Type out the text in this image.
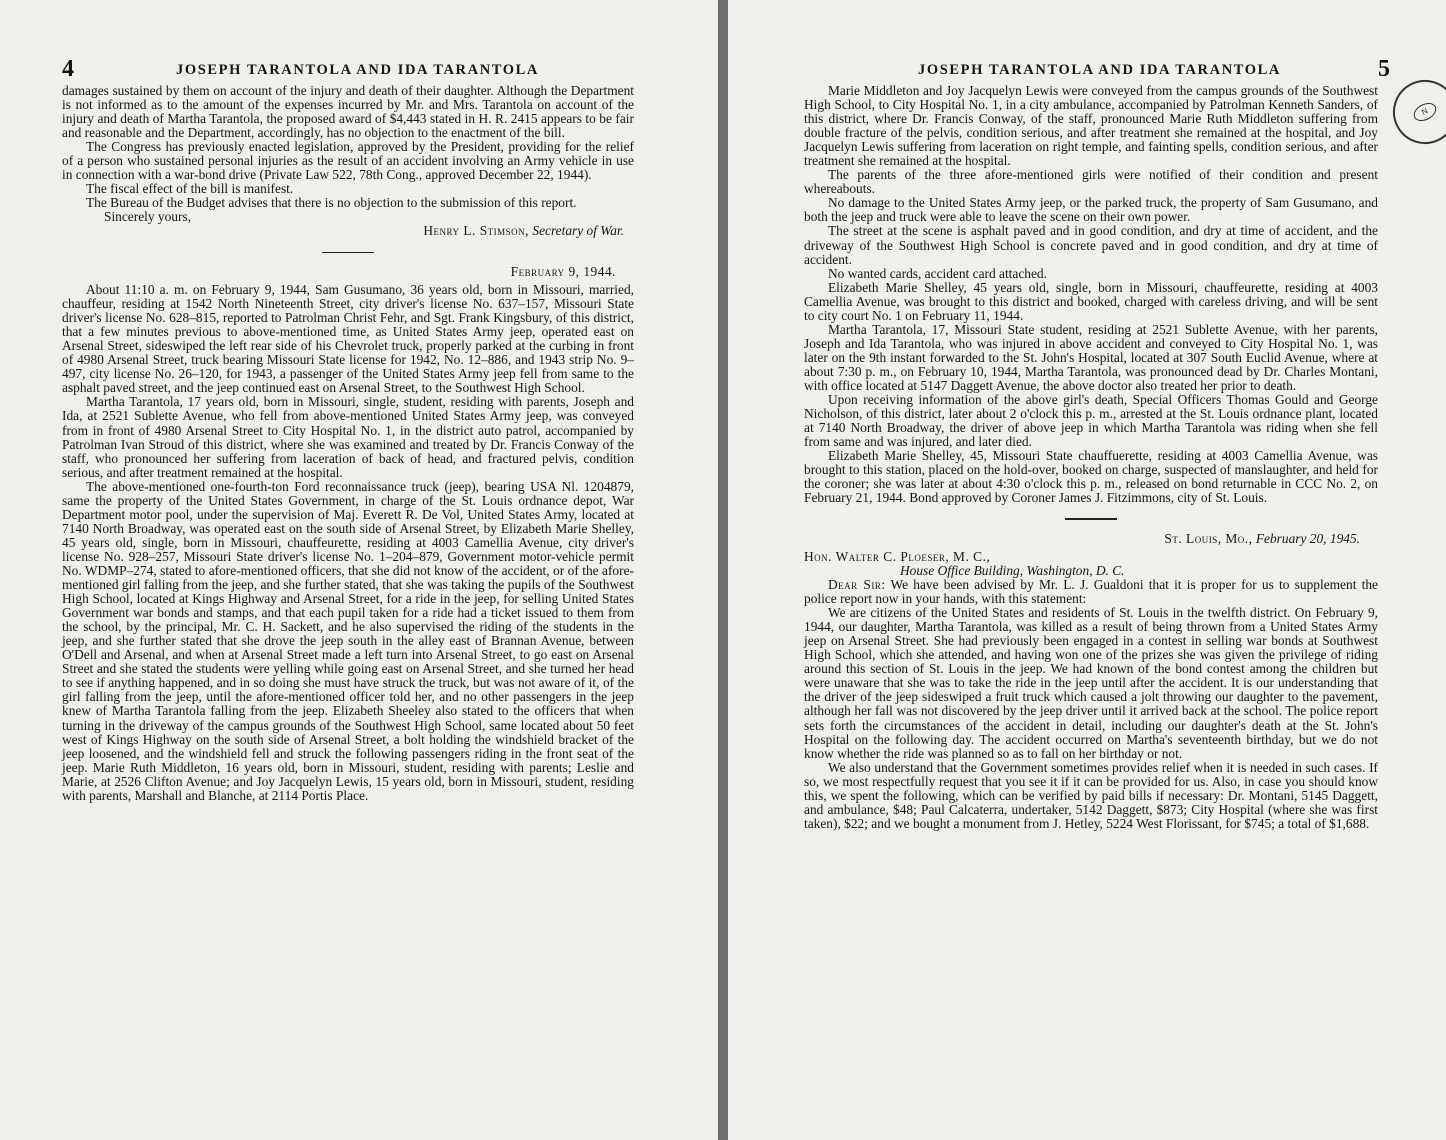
4	JOSEPH TARANTOLA AND IDA TARANTOLA

damages sustained by them on account of the injury and death of their daughter. Although the Department is not informed as to the amount of the expenses incurred by Mr. and Mrs. Tarantola on account of the injury and death of Martha Tarantola, the proposed award of $4,443 stated in H. R. 2415 appears to be fair and reasonable and the Department, accordingly, has no objection to the enactment of the bill.

The Congress has previously enacted legislation, approved by the President, providing for the relief of a person who sustained personal injuries as the result of an accident involving an Army vehicle in use in connection with a war-bond drive (Private Law 522, 78th Cong., approved December 22, 1944).

The fiscal effect of the bill is manifest.

The Bureau of the Budget advises that there is no objection to the submission of this report.

Sincerely yours,

Henry L. Stimson, Secretary of War.

February 9, 1944.

About 11:10 a. m. on February 9, 1944, Sam Gusumano, 36 years old, born in Missouri, married, chauffeur, residing at 1542 North Nineteenth Street, city driver's license No. 637–157, Missouri State driver's license No. 628–815, reported to Patrolman Christ Fehr, and Sgt. Frank Kingsbury, of this district, that a few minutes previous to above-mentioned time, as United States Army jeep, operated east on Arsenal Street, sideswiped the left rear side of his Chevrolet truck, properly parked at the curbing in front of 4980 Arsenal Street, truck bearing Missouri State license for 1942, No. 12–886, and 1943 strip No. 9–497, city license No. 26–120, for 1943, a passenger of the United States Army jeep fell from same to the asphalt paved street, and the jeep continued east on Arsenal Street, to the Southwest High School.

Martha Tarantola, 17 years old, born in Missouri, single, student, residing with parents, Joseph and Ida, at 2521 Sublette Avenue, who fell from above-mentioned United States Army jeep, was conveyed from in front of 4980 Arsenal Street to City Hospital No. 1, in the district auto patrol, accompanied by Patrolman Ivan Stroud of this district, where she was examined and treated by Dr. Francis Conway of the staff, who pronounced her suffering from laceration of back of head, and fractured pelvis, condition serious, and after treatment remained at the hospital.

The above-mentioned one-fourth-ton Ford reconnaissance truck (jeep), bearing USA Nl. 1204879, same the property of the United States Government, in charge of the St. Louis ordnance depot, War Department motor pool, under the supervision of Maj. Everett R. De Vol, United States Army, located at 7140 North Broadway, was operated east on the south side of Arsenal Street, by Elizabeth Marie Shelley, 45 years old, single, born in Missouri, chauffeurette, residing at 4003 Camellia Avenue, city driver's license No. 928–257, Missouri State driver's license No. 1–204–879, Government motor-vehicle permit No. WDMP–274, stated to afore-mentioned officers, that she did not know of the accident, or of the afore-mentioned girl falling from the jeep, and she further stated, that she was taking the pupils of the Southwest High School, located at Kings Highway and Arsenal Street, for a ride in the jeep, for selling United States Government war bonds and stamps, and that each pupil taken for a ride had a ticket issued to them from the school, by the principal, Mr. C. H. Sackett, and he also supervised the riding of the students in the jeep, and she further stated that she drove the jeep south in the alley east of Brannan Avenue, between O'Dell and Arsenal, and when at Arsenal Street made a left turn into Arsenal Street, to go east on Arsenal Street and she stated the students were yelling while going east on Arsenal Street, and she turned her head to see if anything happened, and in so doing she must have struck the truck, but was not aware of it, of the girl falling from the jeep, until the afore-mentioned officer told her, and no other passengers in the jeep knew of Martha Tarantola falling from the jeep. Elizabeth Sheeley also stated to the officers that when turning in the driveway of the campus grounds of the Southwest High School, same located about 50 feet west of Kings Highway on the south side of Arsenal Street, a bolt holding the windshield bracket of the jeep loosened, and the windshield fell and struck the following passengers riding in the front seat of the jeep. Marie Ruth Middleton, 16 years old, born in Missouri, student, residing with parents; Leslie and Marie, at 2526 Clifton Avenue; and Joy Jacquelyn Lewis, 15 years old, born in Missouri, student, residing with parents, Marshall and Blanche, at 2114 Portis Place.

JOSEPH TARANTOLA AND IDA TARANTOLA	5
N

Marie Middleton and Joy Jacquelyn Lewis were conveyed from the campus grounds of the Southwest High School, to City Hospital No. 1, in a city ambulance, accompanied by Patrolman Kenneth Sanders, of this district, where Dr. Francis Conway, of the staff, pronounced Marie Ruth Middleton suffering from double fracture of the pelvis, condition serious, and after treatment she remained at the hospital, and Joy Jacquelyn Lewis suffering from laceration on right temple, and fainting spells, condition serious, and after treatment she remained at the hospital.

The parents of the three afore-mentioned girls were notified of their condition and present whereabouts.

No damage to the United States Army jeep, or the parked truck, the property of Sam Gusumano, and both the jeep and truck were able to leave the scene on their own power.

The street at the scene is asphalt paved and in good condition, and dry at time of accident, and the driveway of the Southwest High School is concrete paved and in good condition, and dry at time of accident.

No wanted cards, accident card attached.

Elizabeth Marie Shelley, 45 years old, single, born in Missouri, chauffeurette, residing at 4003 Camellia Avenue, was brought to this district and booked, charged with careless driving, and will be sent to city court No. 1 on February 11, 1944.

Martha Tarantola, 17, Missouri State student, residing at 2521 Sublette Avenue, with her parents, Joseph and Ida Tarantola, who was injured in above accident and conveyed to City Hospital No. 1, was later on the 9th instant forwarded to the St. John's Hospital, located at 307 South Euclid Avenue, where at about 7:30 p. m., on February 10, 1944, Martha Tarantola, was pronounced dead by Dr. Charles Montani, with office located at 5147 Daggett Avenue, the above doctor also treated her prior to death.

Upon receiving information of the above girl's death, Special Officers Thomas Gould and George Nicholson, of this district, later about 2 o'clock this p. m., arrested at the St. Louis ordnance plant, located at 7140 North Broadway, the driver of above jeep in which Martha Tarantola was riding when she fell from same and was injured, and later died.

Elizabeth Marie Shelley, 45, Missouri State chauffuerette, residing at 4003 Camellia Avenue, was brought to this station, placed on the hold-over, booked on charge, suspected of manslaughter, and held for the coroner; she was later at about 4:30 o'clock this p. m., released on bond returnable in CCC No. 2, on February 21, 1944. Bond approved by Coroner James J. Fitzimmons, city of St. Louis.

St. Louis, Mo., February 20, 1945.

Hon. Walter C. Ploeser, M. C.,

House Office Building, Washington, D. C.

Dear Sir: We have been advised by Mr. L. J. Gualdoni that it is proper for us to supplement the police report now in your hands, with this statement:

We are citizens of the United States and residents of St. Louis in the twelfth district. On February 9, 1944, our daughter, Martha Tarantola, was killed as a result of being thrown from a United States Army jeep on Arsenal Street. She had previously been engaged in a contest in selling war bonds at Southwest High School, which she attended, and having won one of the prizes she was given the privilege of riding around this section of St. Louis in the jeep. We had known of the bond contest among the children but were unaware that she was to take the ride in the jeep until after the accident. It is our understanding that the driver of the jeep sideswiped a fruit truck which caused a jolt throwing our daughter to the pavement, although her fall was not discovered by the jeep driver until it arrived back at the school. The police report sets forth the circumstances of the accident in detail, including our daughter's death at the St. John's Hospital on the following day. The accident occurred on Martha's seventeenth birthday, but we do not know whether the ride was planned so as to fall on her birthday or not.

We also understand that the Government sometimes provides relief when it is needed in such cases. If so, we most respectfully request that you see it if it can be provided for us. Also, in case you should know this, we spent the following, which can be verified by paid bills if necessary: Dr. Montani, 5145 Daggett, and ambulance, $48; Paul Calcaterra, undertaker, 5142 Daggett, $873; City Hospital (where she was first taken), $22; and we bought a monument from J. Hetley, 5224 West Florissant, for $745; a total of $1,688.
